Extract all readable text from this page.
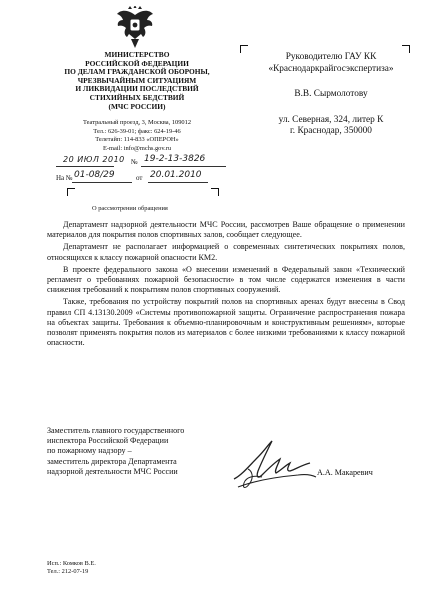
МИНИСТЕРСТВО
РОССИЙСКОЙ ФЕДЕРАЦИИ
ПО ДЕЛАМ ГРАЖДАНСКОЙ ОБОРОНЫ,
ЧРЕЗВЫЧАЙНЫМ СИТУАЦИЯМ
И ЛИКВИДАЦИИ ПОСЛЕДСТВИЙ
СТИХИЙНЫХ БЕДСТВИЙ
(МЧС РОССИИ)
Театральный проезд, 3, Москва, 109012
Тел.: 626-39-01; факс: 624-19-46
Телетайп: 114-833 «ОПЕРОН»
E-mail: info@mchs.gov.ru
20 ИЮЛ 2010 № 19-2-13-3826
На № 01-08/29	от 20.01.2010
О рассмотрении обращения
Руководителю ГАУ КК
«Краснодаркрайгосэкспертиза»
В.В. Сырмолотову
ул. Северная, 324, литер К
г. Краснодар, 350000

Департамент надзорной деятельности МЧС России, рассмотрев Ваше обращение о применении материалов для покрытия полов спортивных залов, сообщает следующее.

Департамент не располагает информацией о современных синтетических покрытиях полов, относящихся к классу пожарной опасности КМ2.

В проекте федерального закона «О внесении изменений в Федеральный закон «Технический регламент о требованиях пожарной безопасности» в том числе содержатся изменения в части снижения требований к покрытиям полов спортивных сооружений.

Также, требования по устройству покрытий полов на спортивных аренах будут внесены в Свод правил СП 4.13130.2009 «Системы противопожарной защиты. Ограничение распространения пожара на объектах защиты. Требования к объемно-планировочным и конструктивным решениям», которые позволят применять покрытия полов из материалов с более низкими требованиями к классу пожарной опасности.

Заместитель главного государственного
инспектора Российской Федерации
по пожарному надзору –
заместитель директора Департамента
надзорной деятельности МЧС России	А.А. Макаревич
Исп.: Комков В.Е.
Тел.: 212-07-19
